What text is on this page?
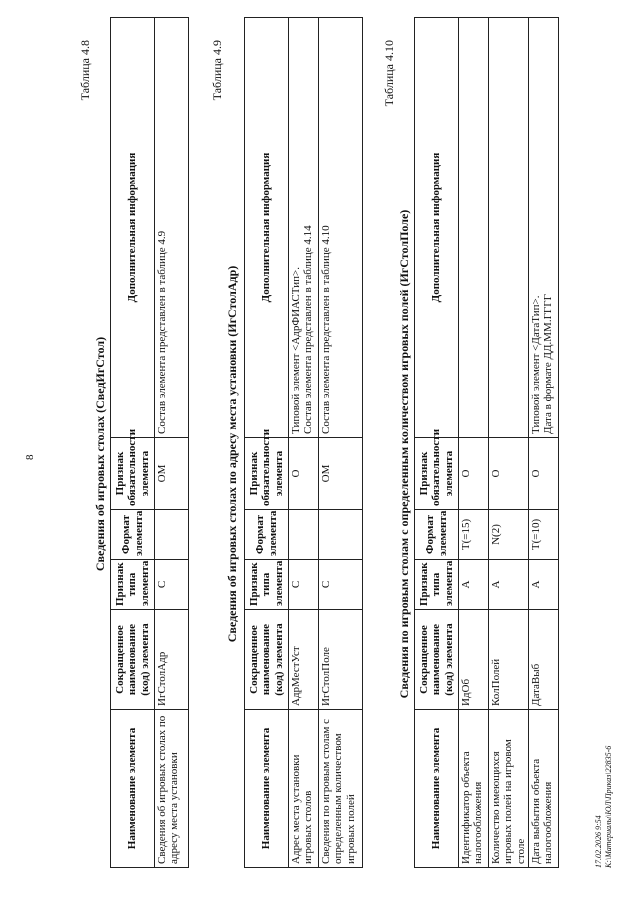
8
Таблица 4.8
Сведения об игровых столах (СведИгСтол)
Наименование элемента	Сокращенное наименование (код) элемента	Признак типа элемента	Формат элемента	Признак обязательности элемента	Дополнительная информация
Сведения об игровых столах по адресу места установки	ИгСтолАдр	С		ОМ	Состав элемента представлен в таблице 4.9
Таблица 4.9
Сведения об игровых столах по адресу места установки (ИгСтолАдр)
Наименование элемента	Сокращенное наименование (код) элемента	Признак типа элемента	Формат элемента	Признак обязательности элемента	Дополнительная информация
Адрес места установки игровых столов	АдрМестУст	С		О	Типовой элемент <АдрФИАСТип>. Состав элемента представлен в таблице 4.14

Сведения по игровым столам с определенным количеством игровых полей	ИгСтолПоле	С		ОМ	Состав элемента представлен в таблице 4.10
Таблица 4.10
Сведения по игровым столам с определенным количеством игровых полей (ИгСтолПоле)
Наименование элемента	Сокращенное наименование (код) элемента	Признак типа элемента	Формат элемента	Признак обязательности элемента	Дополнительная информация
Идентификатор объекта налогообложения	ИдОб	А	T(=15)	О	

Количество имеющихся игровых полей на игровом столе	КолПолей	А	N(2)	О	

Дата выбытия объекта налогообложения	ДатаВыб	А	T(=10)	О	Типовой элемент <ДатаТип>. Дата в формате ДД.ММ.ГГГГ
17.02.2026 9:54 К:\Материалы\ЮЛ\Приказ\22835-6
